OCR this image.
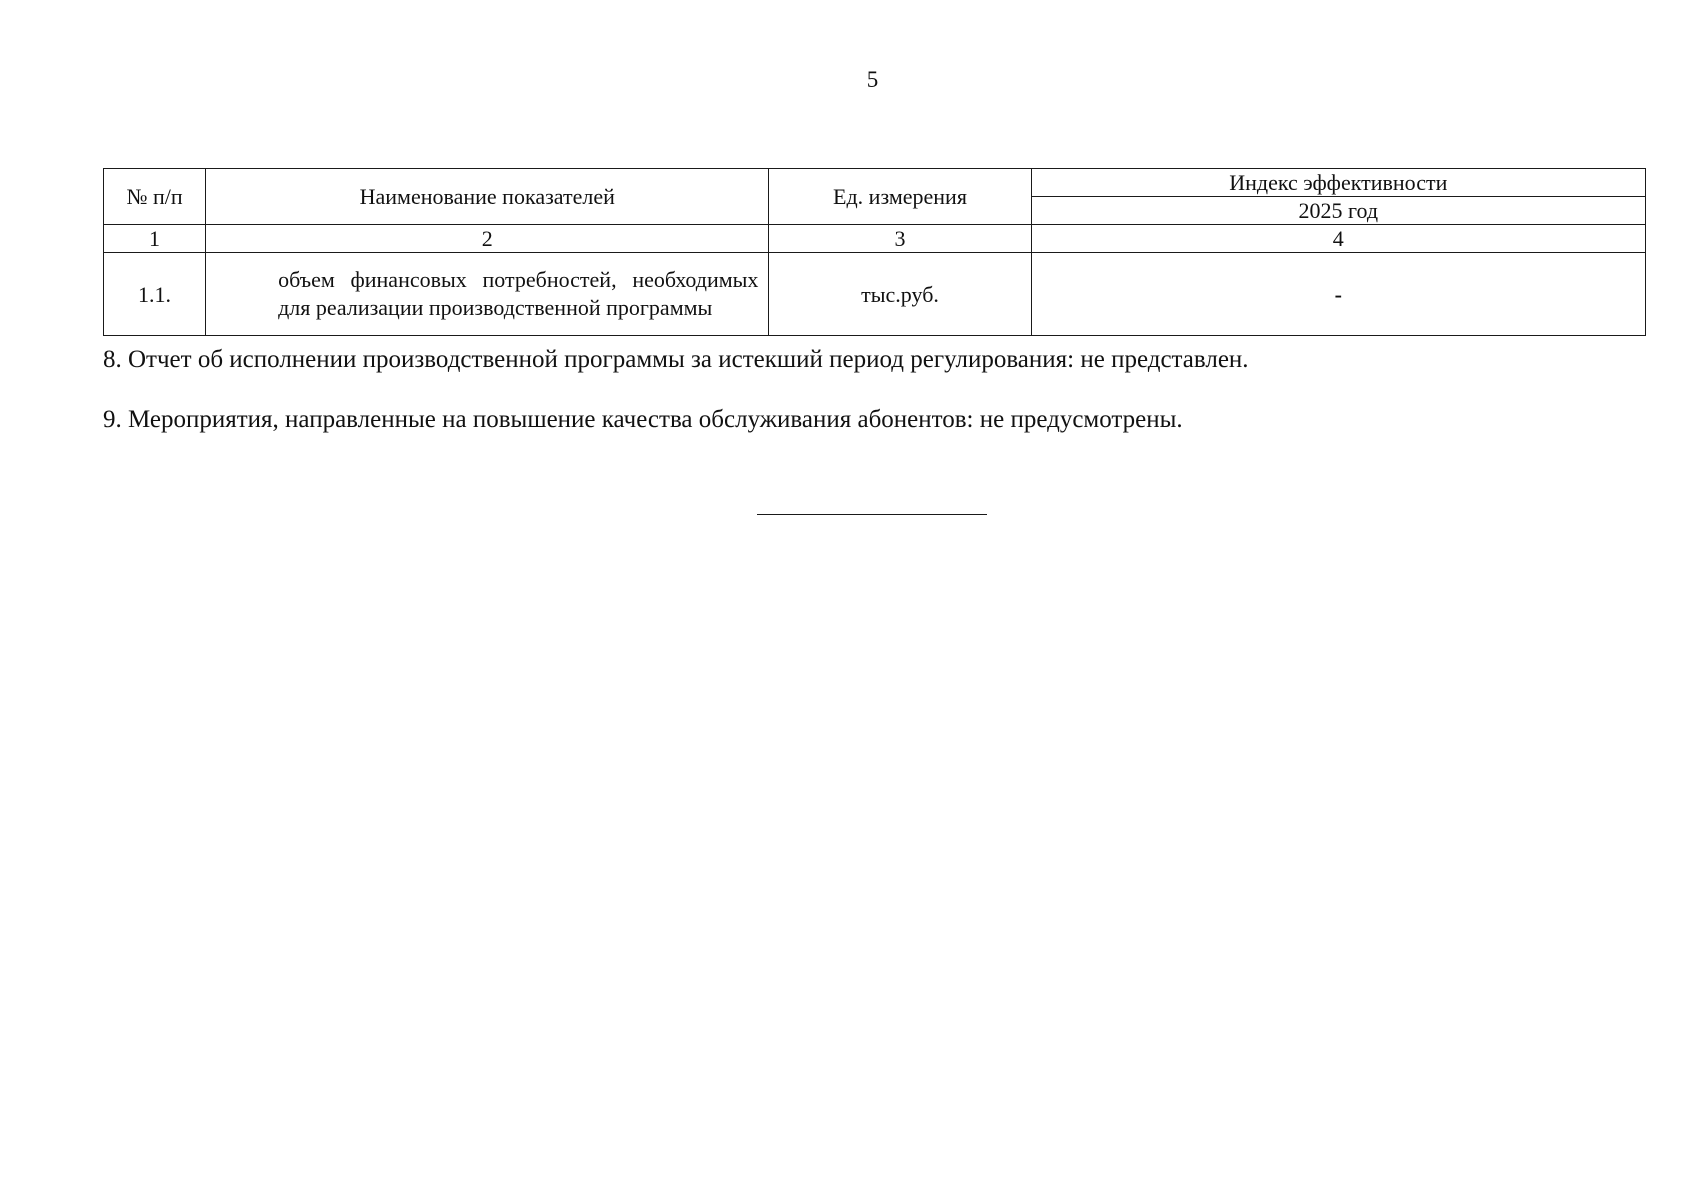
5
№ п/п	Наименование показателей	Ед. измерения	Индекс эффективности
			2025 год
1	2	3	4
1.1.	объем финансовых потребностей, необходимых для реализации производственной программы	тыс.руб.	-
8. Отчет об исполнении производственной программы за истекший период регулирования: не представлен.
9. Мероприятия, направленные на повышение качества обслуживания абонентов: не предусмотрены.
